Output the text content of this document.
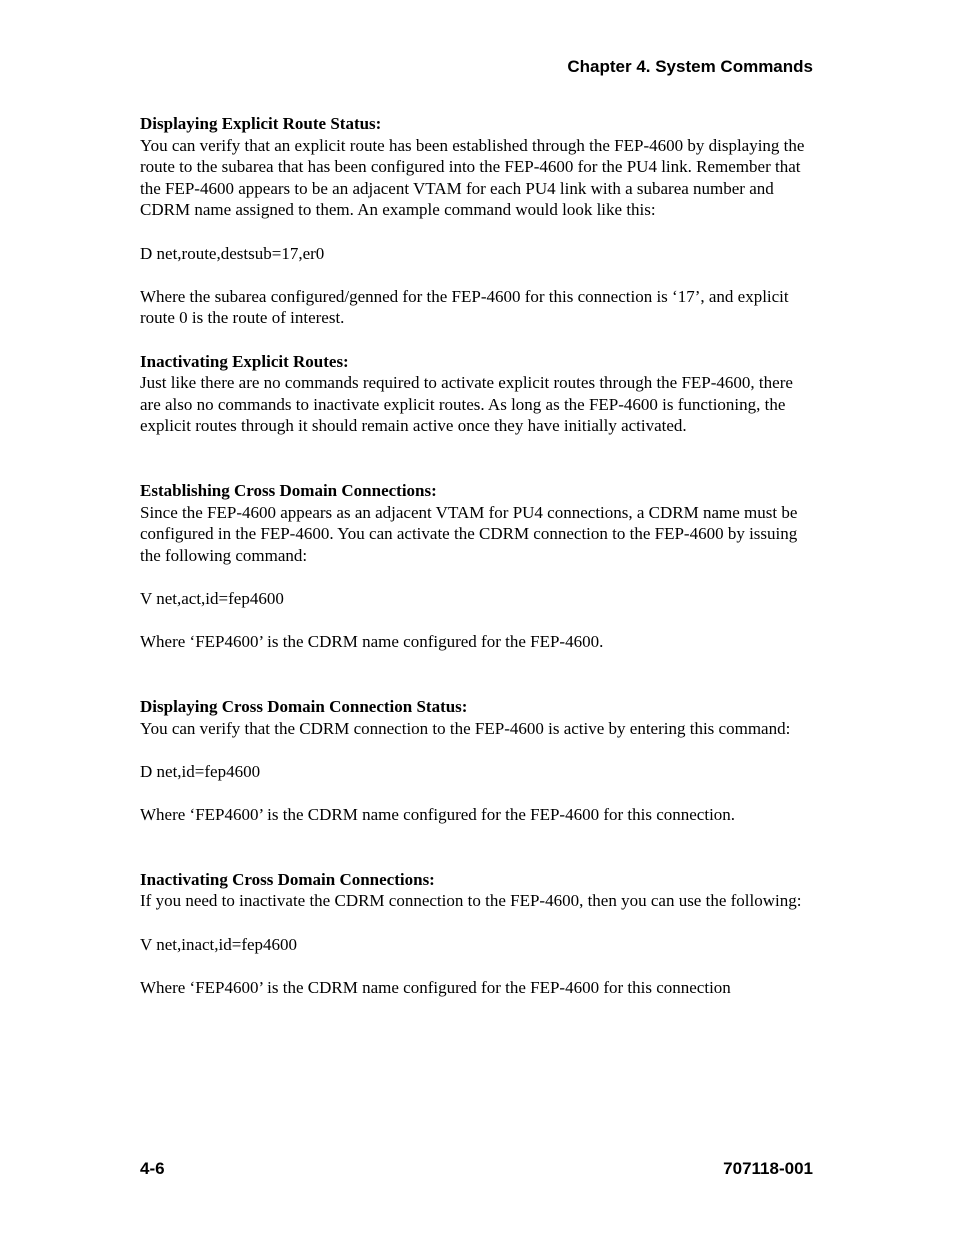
Chapter 4. System Commands
Displaying Explicit Route Status:
You can verify that an explicit route has been established through the FEP-4600 by displaying the route to the subarea that has been configured into the FEP-4600 for the PU4 link. Remember that the FEP-4600 appears to be an adjacent VTAM for each PU4 link with a subarea number and CDRM name assigned to them. An example command would look like this:
D net,route,destsub=17,er0
Where the subarea configured/genned for the FEP-4600 for this connection is ‘17’, and explicit route 0 is the route of interest.
Inactivating Explicit Routes:
Just like there are no commands required to activate explicit routes through the FEP-4600, there are also no commands to inactivate explicit routes. As long as the FEP-4600 is functioning, the explicit routes through it should remain active once they have initially activated.
Establishing Cross Domain Connections:
Since the FEP-4600 appears as an adjacent VTAM for PU4 connections, a CDRM name must be configured in the FEP-4600. You can activate the CDRM connection to the FEP-4600 by issuing the following command:
V net,act,id=fep4600
Where ‘FEP4600’ is the CDRM name configured for the FEP-4600.
Displaying Cross Domain Connection Status:
You can verify that the CDRM connection to the FEP-4600 is active by entering this command:
D net,id=fep4600
Where ‘FEP4600’ is the CDRM name configured for the FEP-4600 for this connection.
Inactivating Cross Domain Connections:
If you need to inactivate the CDRM connection to the FEP-4600, then you can use the following:
V net,inact,id=fep4600
Where ‘FEP4600’ is the CDRM name configured for the FEP-4600 for this connection
4-6	707118-001
